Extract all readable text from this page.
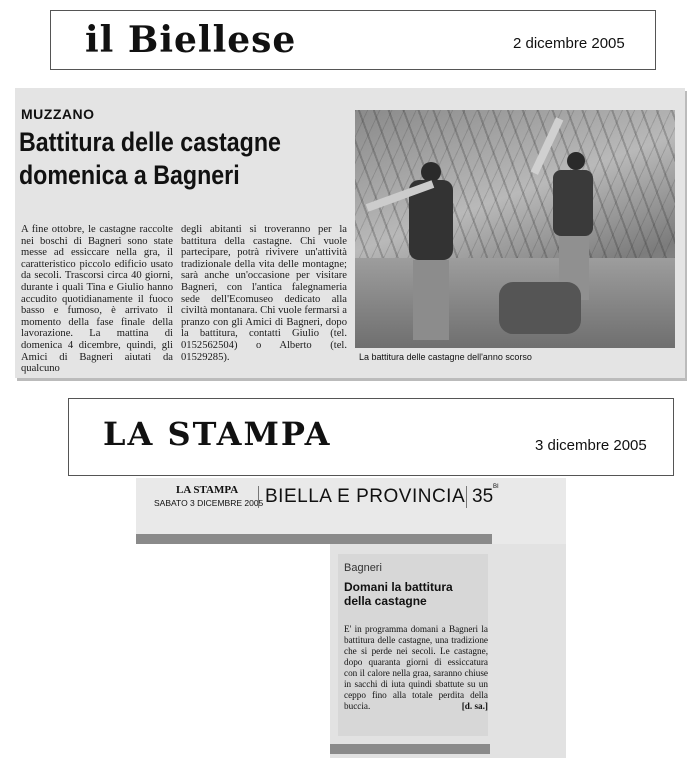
il Biellese	2 dicembre 2005
MUZZANO
Battitura delle castagne
domenica a Bagneri

A fine ottobre, le castagne raccolte nei boschi di Bagneri sono state messe ad essiccare nella gra, il caratteristico piccolo edificio usato da secoli. Trascorsi circa 40 giorni, durante i quali Tina e Giulio hanno accudito quotidianamente il fuoco basso e fumoso, è arrivato il momento della fase finale della lavorazione. La mattina di domenica 4 dicembre, quindi, gli Amici di Bagneri aiutati da qualcuno

degli abitanti si troveranno per la battitura della castagne. Chi vuole partecipare, potrà rivivere un'attività tradizionale della vita delle montagne; sarà anche un'occasione per visitare Bagneri, con l'antica falegnameria sede dell'Ecomuseo dedicato alla civiltà montanara. Chi vuole fermarsi a pranzo con gli Amici di Bagneri, dopo la battitura, contatti Giulio (tel. 0152562504) o Alberto (tel. 01529285).	La battitura delle castagne dell'anno scorso
LA STAMPA	3 dicembre 2005
LA STAMPA
SABATO 3 DICEMBRE 2005 BIELLA E PROVINCIA 35 BI
Bagneri
Domani la battitura
della castagne
E' in programma domani a Bagneri la battitura delle castagne, una tradizione che si perde nei secoli. Le castagne, dopo quaranta giorni di essiccatura con il calore nella graa, saranno chiuse in sacchi di iuta quindi sbattute su un ceppo fino alla totale perdita della buccia.	[d. sa.]
